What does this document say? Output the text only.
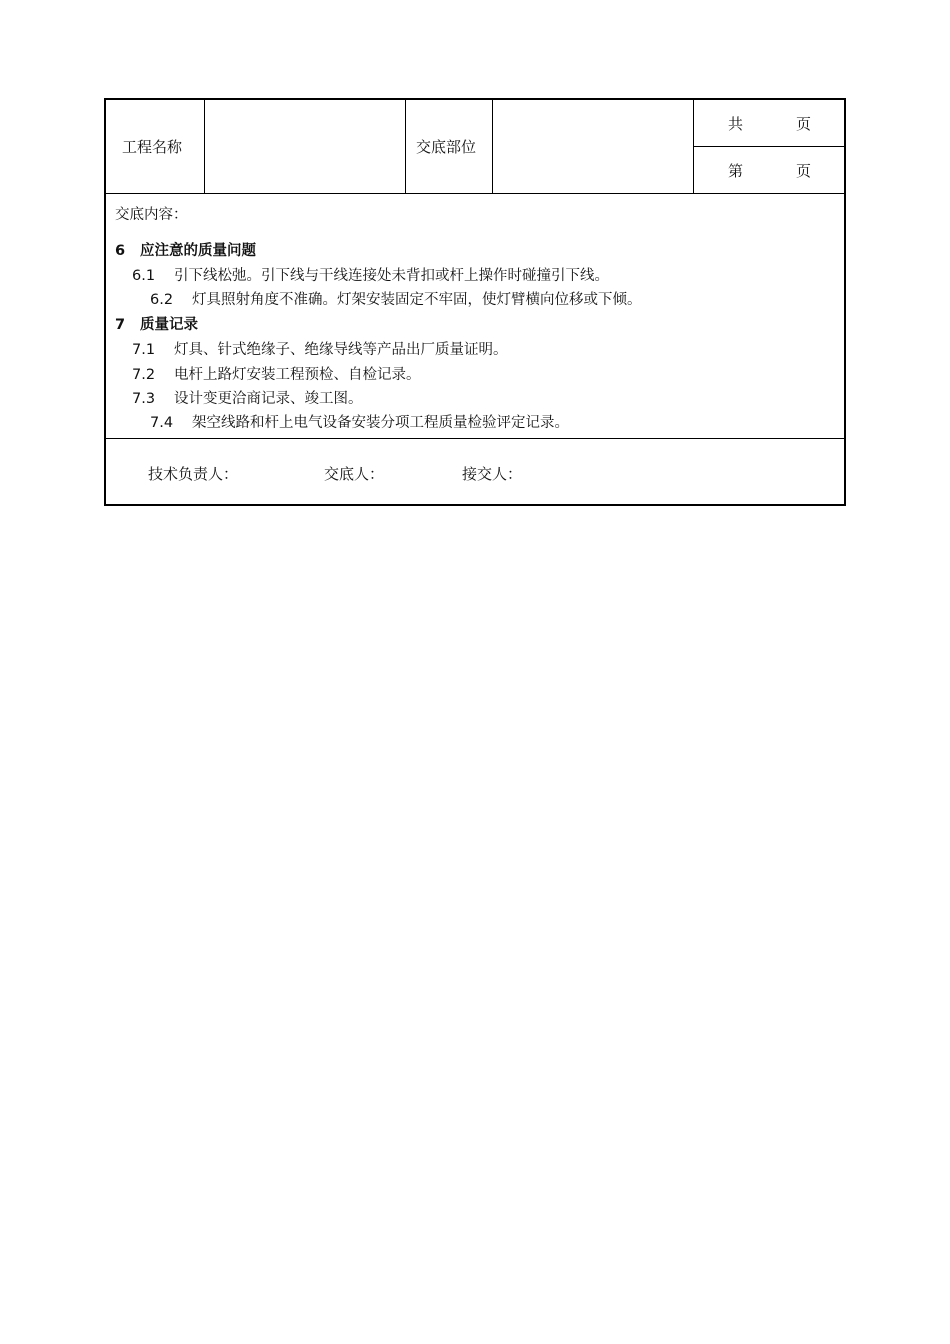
工程名称	交底部位
共	页
第	页
交底内容：
6 应注意的质量问题
6.1 引下线松弛。引下线与干线连接处未背扣或杆上操作时碰撞引下线。
6.2 灯具照射角度不准确。灯架安装固定不牢固，使灯臂横向位移或下倾。
7 质量记录
7.1 灯具、针式绝缘子、绝缘导线等产品出厂质量证明。
7.2 电杆上路灯安装工程预检、自检记录。
7.3 设计变更洽商记录、竣工图。
7.4 架空线路和杆上电气设备安装分项工程质量检验评定记录。
技术负责人：	交底人：	接交人：
